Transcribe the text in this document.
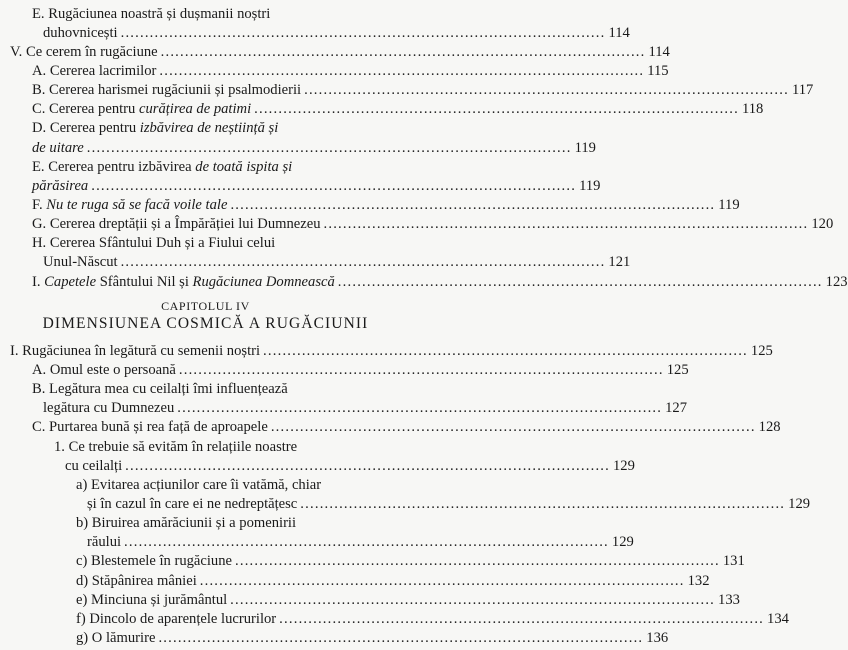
E. Rugăciunea noastră și dușmanii noștri
duhovnicești .................................................................................................... 114
V. Ce cerem în rugăciune .................................................................................................... 114
A. Cererea lacrimilor .................................................................................................... 115
B. Cererea harismei rugăciunii și psalmodierii .................................................................................................... 117
C. Cererea pentru curățirea de patimi .................................................................................................... 118
D. Cererea pentru izbăvirea de neștiință și
de uitare .................................................................................................... 119
E. Cererea pentru izbăvirea de toată ispita și
părăsirea .................................................................................................... 119
F. Nu te ruga să se facă voile tale .................................................................................................... 119
G. Cererea dreptății și a Împărăției lui Dumnezeu .................................................................................................... 120
H. Cererea Sfântului Duh și a Fiului celui
Unul-Născut .................................................................................................... 121
I. Capetele Sfântului Nil și Rugăciunea Domnească .................................................................................................... 123
CAPITOLUL IV
DIMENSIUNEA COSMICĂ A RUGĂCIUNII
I. Rugăciunea în legătură cu semenii noștri .................................................................................................... 125
A. Omul este o persoană .................................................................................................... 125
B. Legătura mea cu ceilalți îmi influențează
legătura cu Dumnezeu .................................................................................................... 127
C. Purtarea bună și rea față de aproapele .................................................................................................... 128
1. Ce trebuie să evităm în relațiile noastre
cu ceilalți .................................................................................................... 129
a) Evitarea acțiunilor care îi vatămă, chiar
și în cazul în care ei ne nedreptățesc .................................................................................................... 129
b) Biruirea amărăciunii și a pomenirii
răului .................................................................................................... 129
c) Blestemele în rugăciune .................................................................................................... 131
d) Stăpânirea mâniei .................................................................................................... 132
e) Minciuna și jurământul .................................................................................................... 133
f) Dincolo de aparențele lucrurilor .................................................................................................... 134
g) O lămurire .................................................................................................... 136
